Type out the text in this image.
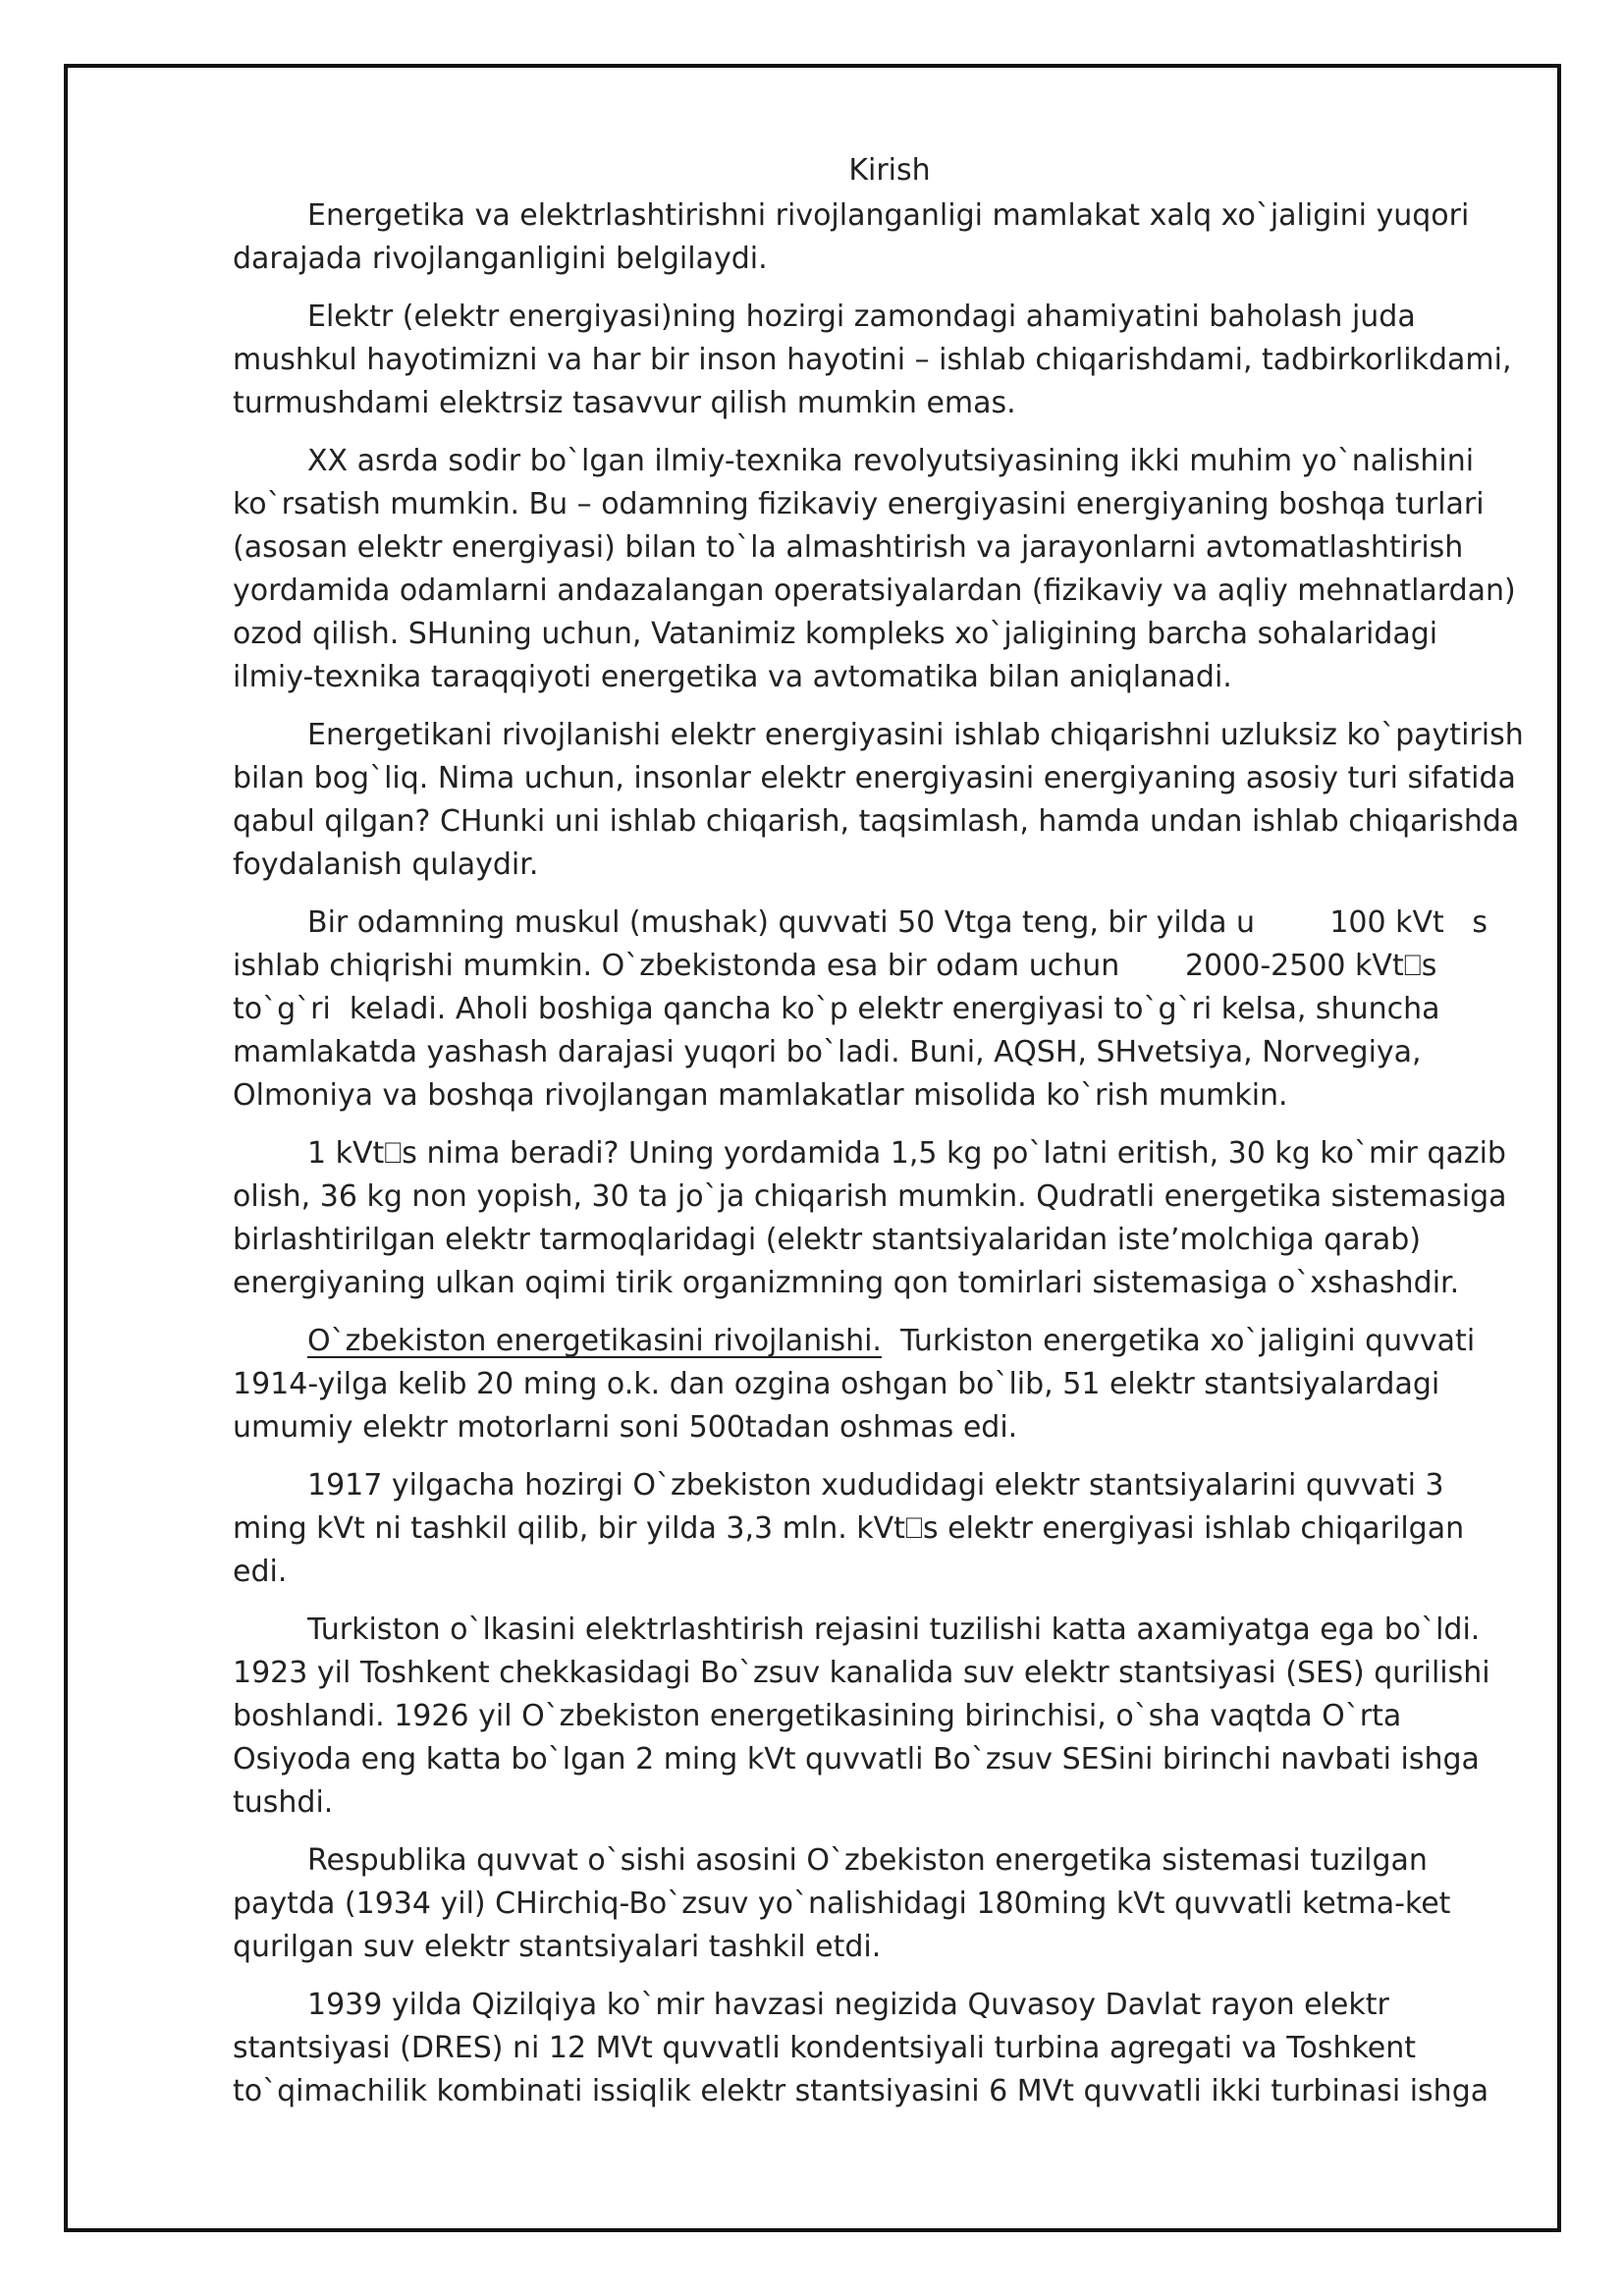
Kirish

Energetika va elektrlashtirishni rivojlanganligi mamlakat xalq xo`jaligini yuqori darajada rivojlanganligini belgilaydi.

Elektr (elektr energiyasi)ning hozirgi zamondagi ahamiyatini baholash juda mushkul hayotimizni va har bir inson hayotini – ishlab chiqarishdami, tadbirkorlikdami, turmushdami elektrsiz tasavvur qilish mumkin emas.

XX asrda sodir bo`lgan ilmiy-texnika revolyutsiyasining ikki muhim yo`nalishini ko`rsatish mumkin. Bu – odamning fizikaviy energiyasini energiyaning boshqa turlari (asosan elektr energiyasi) bilan to`la almashtirish va jarayonlarni avtomatlashtirish yordamida odamlarni andazalangan operatsiyalardan (fizikaviy va aqliy mehnatlardan) ozod qilish. SHuning uchun, Vatanimiz kompleks xo`jaligining barcha sohalaridagi ilmiy-texnika taraqqiyoti energetika va avtomatika bilan aniqlanadi.

Energetikani rivojlanishi elektr energiyasini ishlab chiqarishni uzluksiz ko`paytirish bilan bog`liq. Nima uchun, insonlar elektr energiyasini energiyaning asosiy turi sifatida qabul qilgan? CHunki uni ishlab chiqarish, taqsimlash, hamda undan ishlab chiqarishda foydalanish qulaydir.

Bir odamning muskul (mushak) quvvati 50 Vtga teng, bir yilda u        100 kVt   s ishlab chiqrishi mumkin. O`zbekistonda esa bir odam uchun       2000-2500 kVt⎕s to`g`ri  keladi. Aholi boshiga qancha ko`p elektr energiyasi to`g`ri kelsa, shuncha mamlakatda yashash darajasi yuqori bo`ladi. Buni, AQSH, SHvetsiya, Norvegiya, Olmoniya va boshqa rivojlangan mamlakatlar misolida ko`rish mumkin.

1 kVt⎕s nima beradi? Uning yordamida 1,5 kg po`latni eritish, 30 kg ko`mir qazib olish, 36 kg non yopish, 30 ta jo`ja chiqarish mumkin. Qudratli energetika sistemasiga birlashtirilgan elektr tarmoqlaridagi (elektr stantsiyalaridan iste’molchiga qarab) energiyaning ulkan oqimi tirik organizmning qon tomirlari sistemasiga o`xshashdir.

O`zbekiston energetikasini rivojlanishi.  Turkiston energetika xo`jaligini quvvati 1914-yilga kelib 20 ming o.k. dan ozgina oshgan bo`lib, 51 elektr stantsiyalardagi umumiy elektr motorlarni soni 500tadan oshmas edi.

1917 yilgacha hozirgi O`zbekiston xududidagi elektr stantsiyalarini quvvati 3 ming kVt ni tashkil qilib, bir yilda 3,3 mln. kVt⎕s elektr energiyasi ishlab chiqarilgan edi.

Turkiston o`lkasini elektrlashtirish rejasini tuzilishi katta axamiyatga ega bo`ldi. 1923 yil Toshkent chekkasidagi Bo`zsuv kanalida suv elektr stantsiyasi (SES) qurilishi boshlandi. 1926 yil O`zbekiston energetikasining birinchisi, o`sha vaqtda O`rta Osiyoda eng katta bo`lgan 2 ming kVt quvvatli Bo`zsuv SESini birinchi navbati ishga tushdi.

Respublika quvvat o`sishi asosini O`zbekiston energetika sistemasi tuzilgan paytda (1934 yil) CHirchiq-Bo`zsuv yo`nalishidagi 180ming kVt quvvatli ketma-ket qurilgan suv elektr stantsiyalari tashkil etdi.

1939 yilda Qizilqiya ko`mir havzasi negizida Quvasoy Davlat rayon elektr stantsiyasi (DRES) ni 12 MVt quvvatli kondentsiyali turbina agregati va Toshkent to`qimachilik kombinati issiqlik elektr stantsiyasini 6 MVt quvvatli ikki turbinasi ishga
